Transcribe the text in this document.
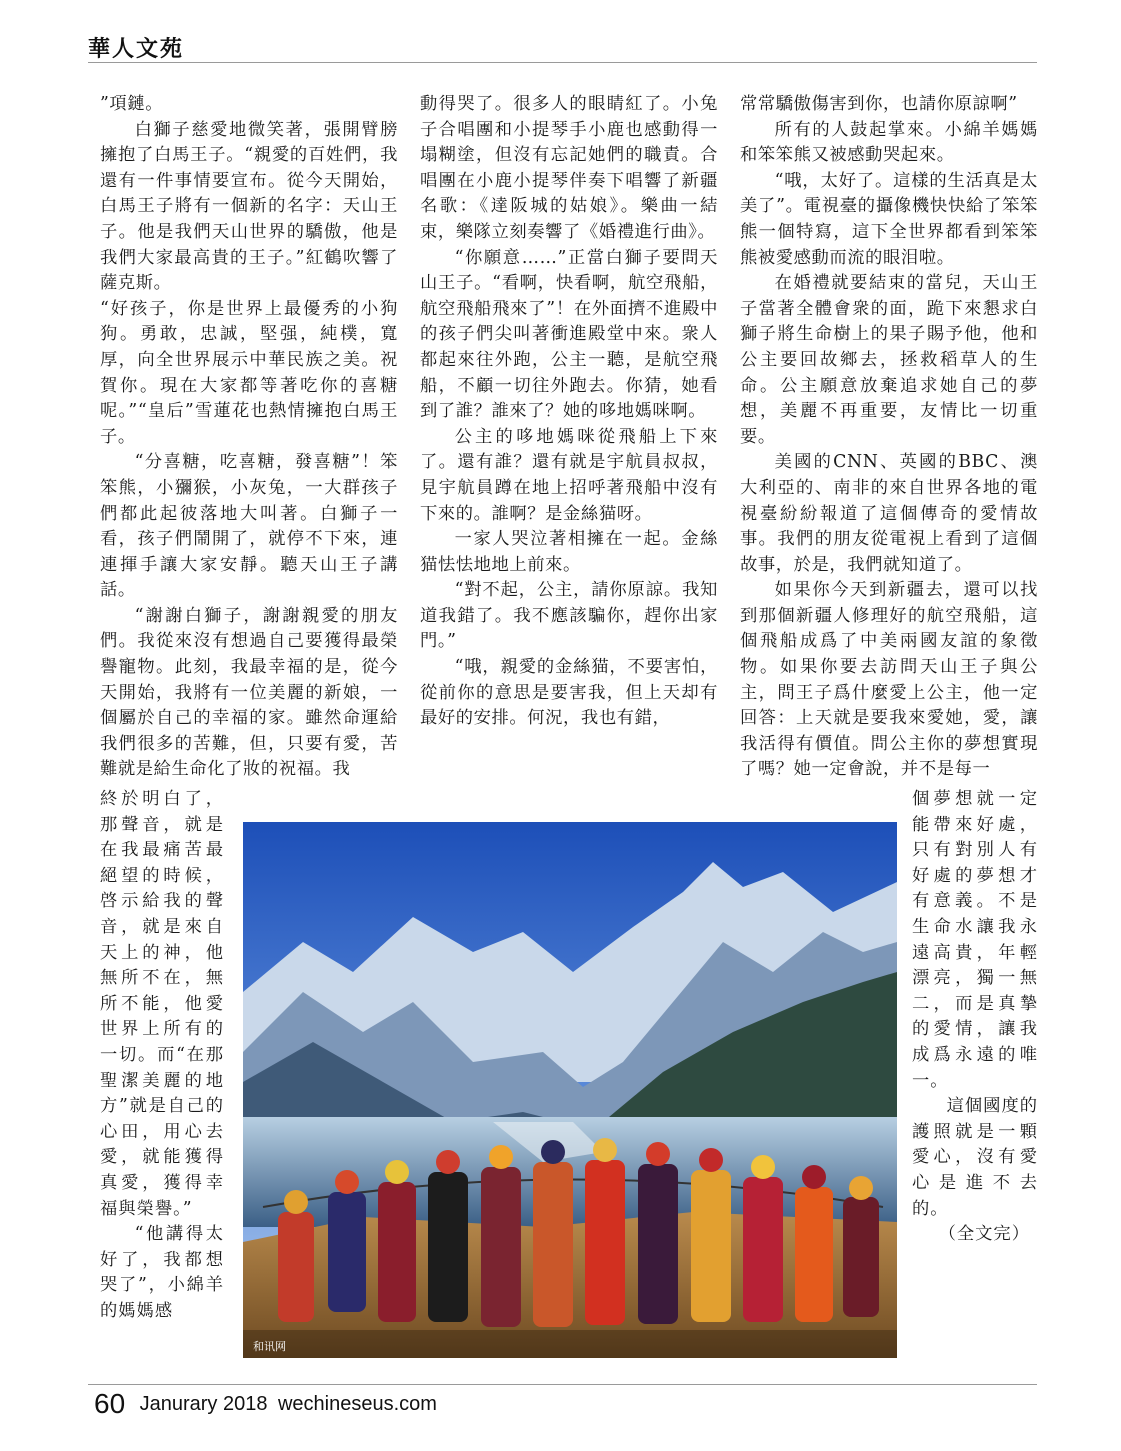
華人文苑

”項鏈。

白獅子慈愛地微笑著，張開臂膀擁抱了白馬王子。“親愛的百姓們，我還有一件事情要宣布。從今天開始，白馬王子將有一個新的名字：天山王子。他是我們天山世界的驕傲，他是我們大家最高貴的王子。”紅鶴吹響了薩克斯。

“好孩子，你是世界上最優秀的小狗狗。勇敢，忠誠，堅强，純樸，寬厚，向全世界展示中華民族之美。祝賀你。現在大家都等著吃你的喜糖呢。”“皇后”雪蓮花也熱情擁抱白馬王子。

“分喜糖，吃喜糖，發喜糖”！笨笨熊，小獼猴，小灰兔，一大群孩子們都此起彼落地大叫著。白獅子一看，孩子們鬧開了，就停不下來，連連揮手讓大家安靜。聽天山王子講話。

“謝謝白獅子，謝謝親愛的朋友們。我從來沒有想過自己要獲得最榮譽寵物。此刻，我最幸福的是，從今天開始，我將有一位美麗的新娘，一個屬於自己的幸福的家。雖然命運給我們很多的苦難，但，只要有愛，苦難就是給生命化了妝的祝福。我

動得哭了。很多人的眼睛紅了。小兔子合唱團和小提琴手小鹿也感動得一塌糊塗，但沒有忘記她們的職責。合唱團在小鹿小提琴伴奏下唱響了新疆名歌：《達阪城的姑娘》。樂曲一結束，樂隊立刻奏響了《婚禮進行曲》。

“你願意……”正當白獅子要問天山王子。“看啊，快看啊，航空飛船，航空飛船飛來了”！在外面擠不進殿中的孩子們尖叫著衝進殿堂中來。衆人都起來往外跑，公主一聽，是航空飛船，不顧一切往外跑去。你猜，她看到了誰？誰來了？她的哆地媽咪啊。

公主的哆地媽咪從飛船上下來了。還有誰？還有就是宇航員叔叔，見宇航員蹲在地上招呼著飛船中沒有下來的。誰啊？是金絲猫呀。

一家人哭泣著相擁在一起。金絲猫怯怯地地上前來。

“對不起，公主，請你原諒。我知道我錯了。我不應該騙你，趕你出家門。”

“哦，親愛的金絲猫，不要害怕，從前你的意思是要害我，但上天却有最好的安排。何況，我也有錯，

常常驕傲傷害到你，也請你原諒啊”

所有的人鼓起掌來。小綿羊媽媽和笨笨熊又被感動哭起來。

“哦，太好了。這樣的生活真是太美了”。電視臺的攝像機快快給了笨笨熊一個特寫，這下全世界都看到笨笨熊被愛感動而流的眼泪啦。

在婚禮就要結束的當兒，天山王子當著全體會衆的面，跪下來懇求白獅子將生命樹上的果子賜予他，他和公主要回故鄉去，拯救稻草人的生命。公主願意放棄追求她自己的夢想，美麗不再重要，友情比一切重要。

美國的CNN、英國的BBC、澳大利亞的、南非的來自世界各地的電視臺紛紛報道了這個傳奇的愛情故事。我們的朋友從電視上看到了這個故事，於是，我們就知道了。

如果你今天到新疆去，還可以找到那個新疆人修理好的航空飛船，這個飛船成爲了中美兩國友誼的象徵物。如果你要去訪問天山王子與公主，問王子爲什麼愛上公主，他一定回答：上天就是要我來愛她，愛，讓我活得有價值。問公主你的夢想實現了嗎？她一定會說，并不是每一

終於明白了，那聲音，就是在我最痛苦最絕望的時候，啓示給我的聲音，就是來自天上的神，他無所不在，無所不能，他愛世界上所有的一切。而“在那聖潔美麗的地方”就是自己的心田，用心去愛，就能獲得真愛，獲得幸福與榮譽。”

“他講得太好了，我都想哭了”，小綿羊的媽媽感

個夢想就一定能帶來好處，只有對別人有好處的夢想才有意義。不是生命水讓我永遠高貴，年輕漂亮，獨一無二，而是真摯的愛情，讓我成爲永遠的唯一。

這個國度的護照就是一顆愛心，沒有愛心是進不去的。

（全文完）

和讯网
60 Janurary 2018 wechineseus.com
